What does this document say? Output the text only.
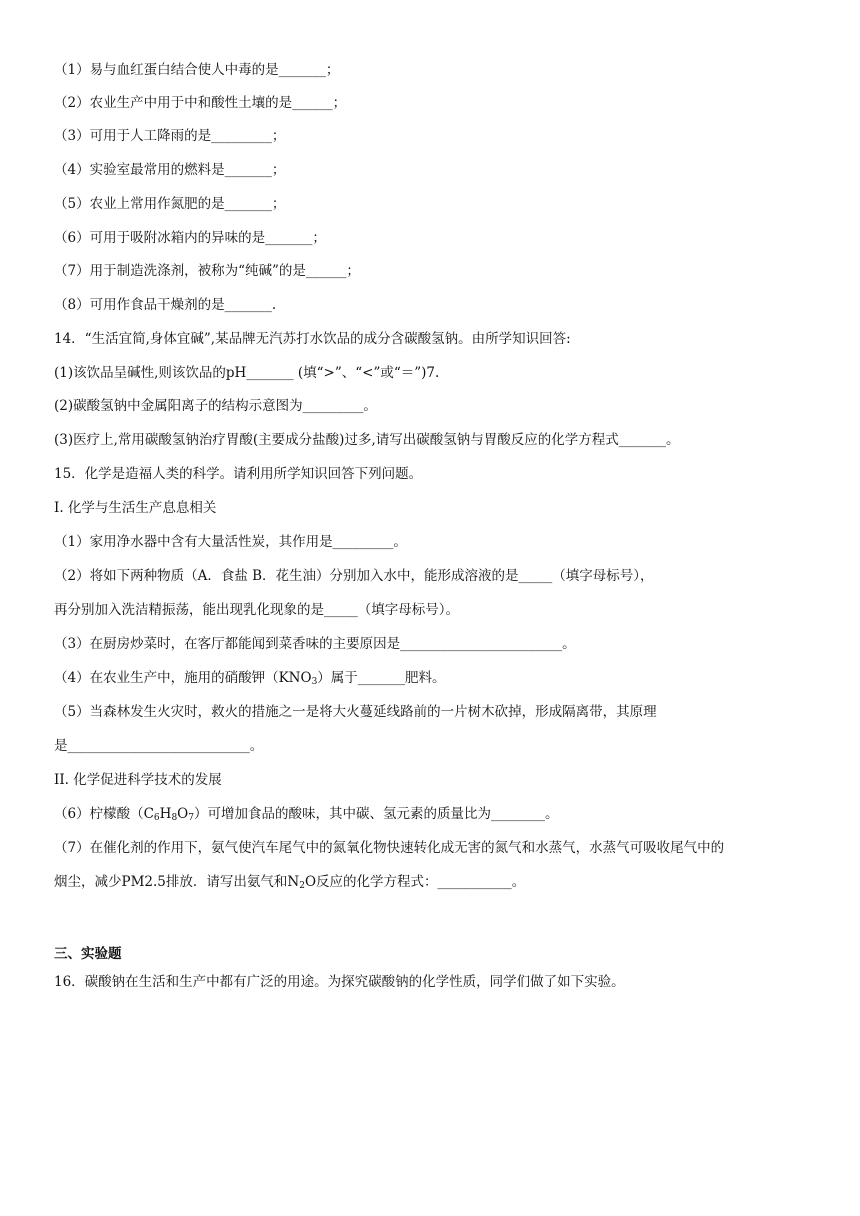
（1）易与血红蛋白结合使人中毒的是_______；
（2）农业生产中用于中和酸性土壤的是______；
（3）可用于人工降雨的是_________；
（4）实验室最常用的燃料是_______；
（5）农业上常用作氮肥的是_______；
（6）可用于吸附冰箱内的异味的是_______；
（7）用于制造洗涤剂，被称为“纯碱”的是______；
（8）可用作食品干燥剂的是_______.
14．“生活宜简,身体宜碱”,某品牌无汽苏打水饮品的成分含碳酸氢钠。由所学知识回答:
(1)该饮品呈碱性,则该饮品的pH_______ (填“>”、“<”或“＝”)7.
(2)碳酸氢钠中金属阳离子的结构示意图为_________。
(3)医疗上,常用碳酸氢钠治疗胃酸(主要成分盐酸)过多,请写出碳酸氢钠与胃酸反应的化学方程式_______。
15．化学是造福人类的科学。请利用所学知识回答下列问题。
I. 化学与生活生产息息相关
（1）家用净水器中含有大量活性炭，其作用是_________。
（2）将如下两种物质（A．食盐 B．花生油）分别加入水中，能形成溶液的是_____（填字母标号），
再分别加入洗洁精振荡，能出现乳化现象的是_____（填字母标号）。
（3）在厨房炒菜时，在客厅都能闻到菜香味的主要原因是________________________。
（4）在农业生产中，施用的硝酸钾$(KNO_3)$属于_______肥料。
（5）当森林发生火灾时，救火的措施之一是将大火蔓延线路前的一片树木砍掉，形成隔离带，其原理
是___________________________。
II. 化学促进科学技术的发展
（6）柠檬酸$(C_6H_8O_7)$可增加食品的酸味，其中碳、氢元素的质量比为________。
（7）在催化剂的作用下，氨气使汽车尾气中的氮氧化物快速转化成无害的氮气和水蒸气，水蒸气可吸收尾气中的
烟尘，减少PM2.5排放．请写出氨气和$N_2O$反应的化学方程式：___________。
三、实验题
16．碳酸钠在生活和生产中都有广泛的用途。为探究碳酸钠的化学性质，同学们做了如下实验。
